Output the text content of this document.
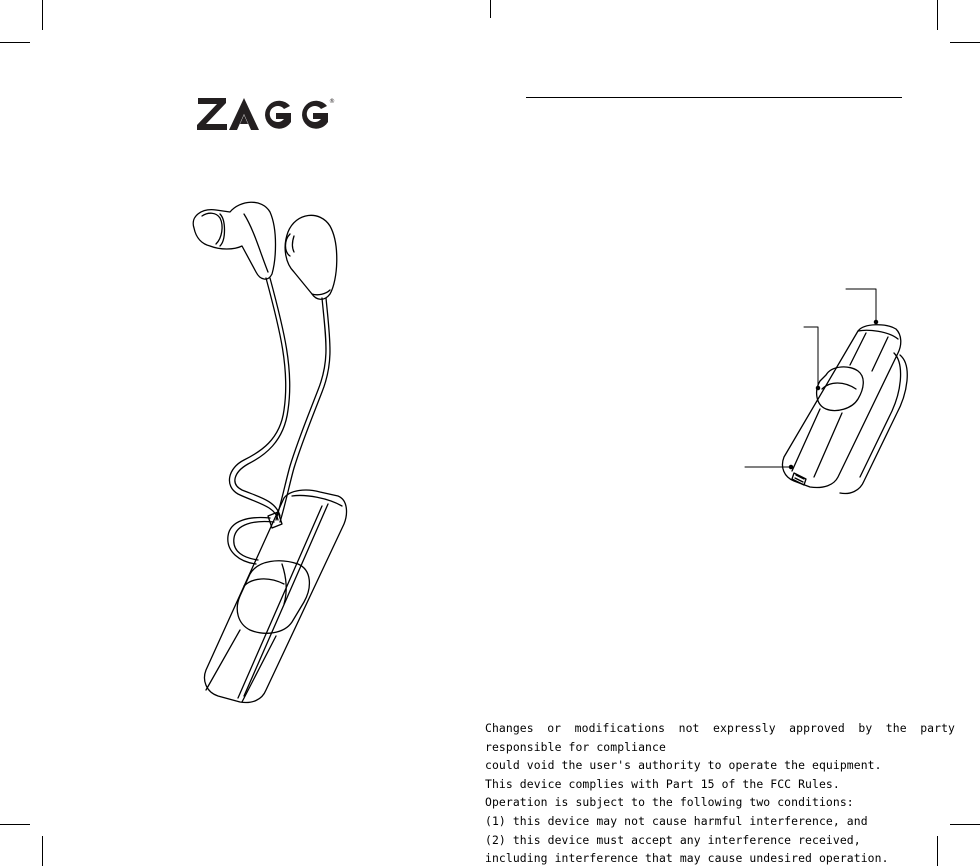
®

Changes or modifications not expressly approved by the party

responsible for compliance

could void the user's authority to operate the equipment.

This device complies with Part 15 of the FCC Rules.

Operation is subject to the following two conditions:

(1) this device may not cause harmful interference, and

(2) this device must accept any interference received,

including interference that may cause undesired operation.
